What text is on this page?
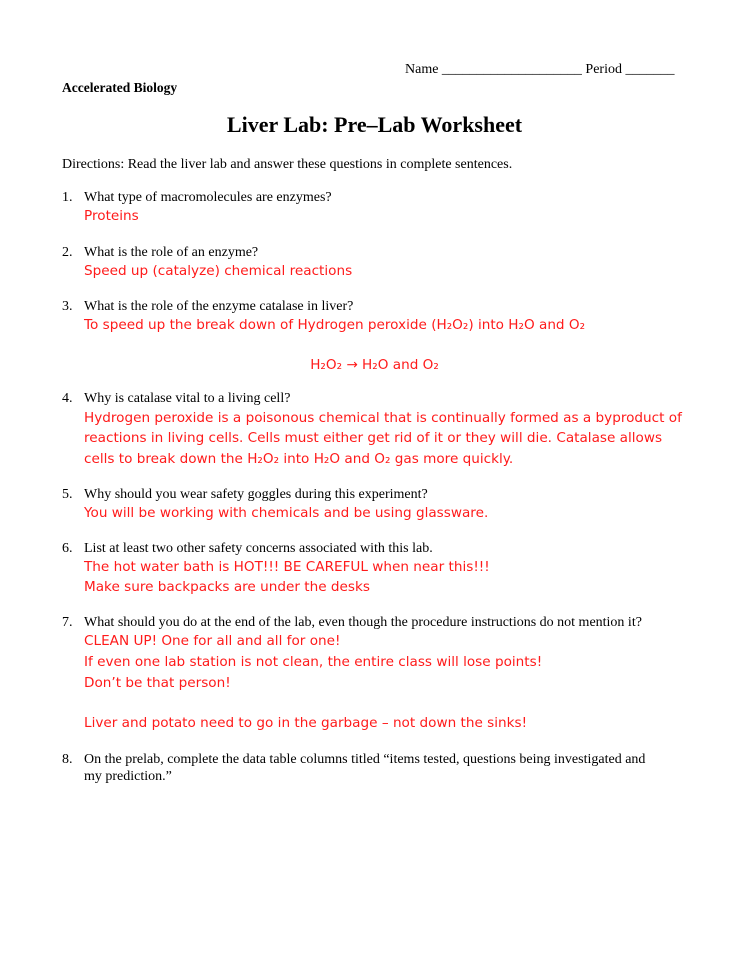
Name ____________________ Period _______
Accelerated Biology
Liver Lab: Pre–Lab Worksheet
Directions: Read the liver lab and answer these questions in complete sentences.
1. What type of macromolecules are enzymes?
Proteins
2. What is the role of an enzyme?
Speed up (catalyze) chemical reactions
3. What is the role of the enzyme catalase in liver?
To speed up the break down of Hydrogen peroxide (H₂O₂) into H₂O and O₂
H₂O₂ → H₂O and O₂
4. Why is catalase vital to a living cell?
Hydrogen peroxide is a poisonous chemical that is continually formed as a byproduct of
reactions in living cells. Cells must either get rid of it or they will die. Catalase allows
cells to break down the H₂O₂ into H₂O and O₂ gas more quickly.
5. Why should you wear safety goggles during this experiment?
You will be working with chemicals and be using glassware.
6. List at least two other safety concerns associated with this lab.
The hot water bath is HOT!!! BE CAREFUL when near this!!!
Make sure backpacks are under the desks
7. What should you do at the end of the lab, even though the procedure instructions do not mention it?
CLEAN UP! One for all and all for one!
If even one lab station is not clean, the entire class will lose points!
Don’t be that person!
Liver and potato need to go in the garbage – not down the sinks!
8. On the prelab, complete the data table columns titled “items tested, questions being investigated and
my prediction.”
